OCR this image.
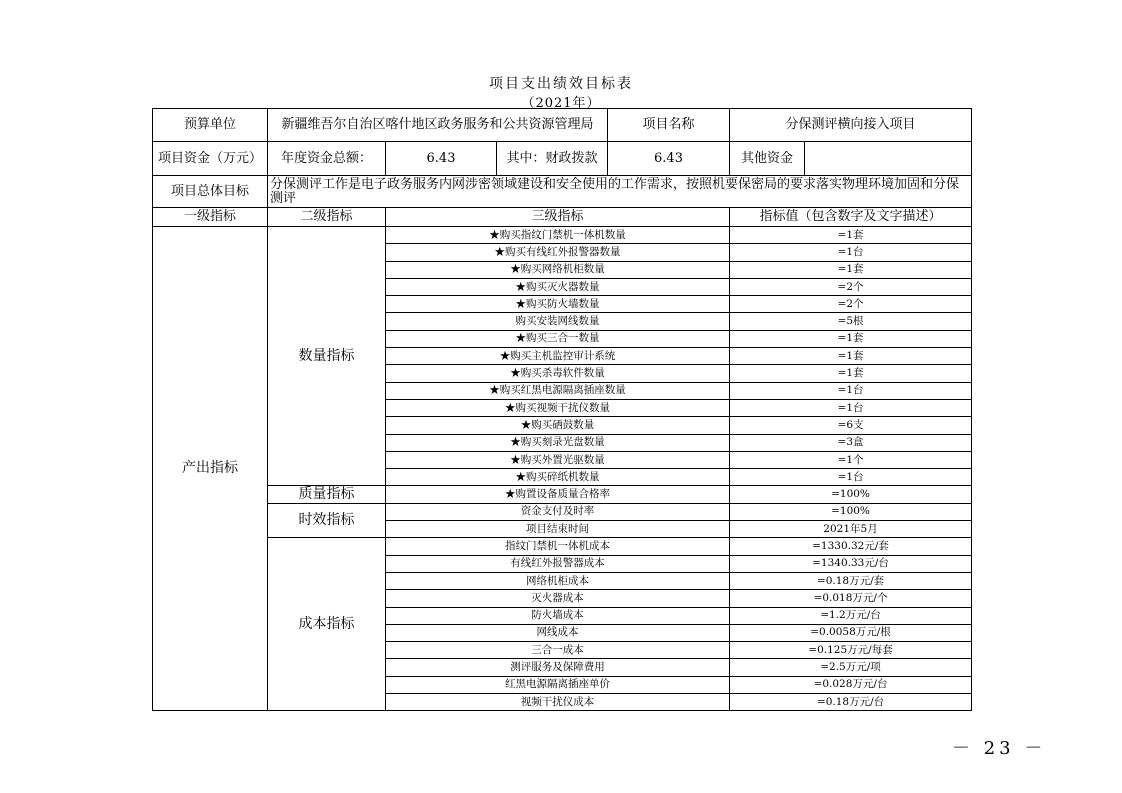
项目支出绩效目标表
（2021年）
预算单位	新疆维吾尔自治区喀什地区政务服务和公共资源管理局			项目名称	分保测评横向接入项目	
项目资金（万元）	年度资金总额：	6.43	其中：财政拨款	6.43	其他资金	
项目总体目标	分保测评工作是电子政务服务内网涉密领域建设和安全使用的工作需求，按照机要保密局的要求落实物理环境加固和分保测评					
一级指标	二级指标	三级指标			指标值（包含数字及文字描述）	
产出指标	数量指标	★购买指纹门禁机一体机数量			=1套	
		★购买有线红外报警器数量			=1台	
		★购买网络机柜数量			=1套	
		★购买灭火器数量			=2个	
		★购买防火墙数量			=2个	
		购买安装网线数量			=5根	
		★购买三合一数量			=1套	
		★购买主机监控审计系统			=1套	
		★购买杀毒软件数量			=1套	
		★购买红黑电源隔离插座数量			=1台	
		★购买视频干扰仪数量			=1台	
		★购买硒鼓数量			=6支	
		★购买刻录光盘数量			=3盒	
		★购买外置光驱数量			=1个	
		★购买碎纸机数量			=1台	
	质量指标	★购置设备质量合格率			=100%	
	时效指标	资金支付及时率			=100%	
		项目结束时间			2021年5月	
	成本指标	指纹门禁机一体机成本			=1330.32元/套	
		有线红外报警器成本			=1340.33元/台	
		网络机柜成本			=0.18万元/套	
		灭火器成本			=0.018万元/个	
		防火墙成本			=1.2万元/台	
		网线成本			=0.0058万元/根	
		三合一成本			=0.125万元/每套	
		测评服务及保障费用			=2.5万元/项	
		红黑电源隔离插座单价			=0.028万元/台	
		视频干扰仪成本			=0.18万元/台	
－ 23 －
